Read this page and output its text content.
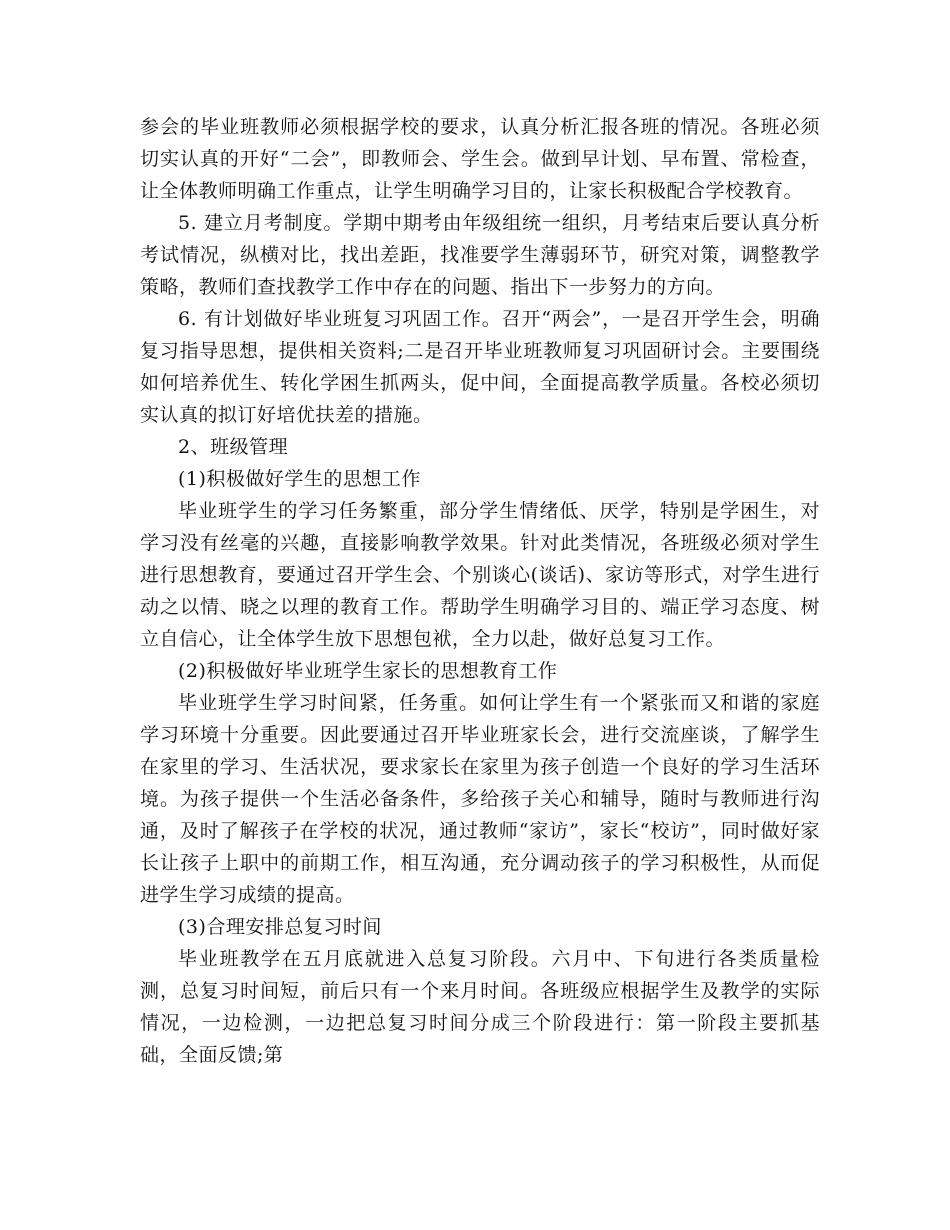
参会的毕业班教师必须根据学校的要求，认真分析汇报各班的情况。各班必须切实认真的开好“二会”，即教师会、学生会。做到早计划、早布置、常检查，让全体教师明确工作重点，让学生明确学习目的，让家长积极配合学校教育。

5. 建立月考制度。学期中期考由年级组统一组织，月考结束后要认真分析考试情况，纵横对比，找出差距，找准要学生薄弱环节，研究对策，调整教学策略，教师们查找教学工作中存在的问题、指出下一步努力的方向。

6. 有计划做好毕业班复习巩固工作。召开“两会”，一是召开学生会，明确复习指导思想，提供相关资料;二是召开毕业班教师复习巩固研讨会。主要围绕如何培养优生、转化学困生抓两头，促中间，全面提高教学质量。各校必须切实认真的拟订好培优扶差的措施。

2、班级管理

(1)积极做好学生的思想工作

毕业班学生的学习任务繁重，部分学生情绪低、厌学，特别是学困生，对学习没有丝毫的兴趣，直接影响教学效果。针对此类情况，各班级必须对学生进行思想教育，要通过召开学生会、个别谈心(谈话)、家访等形式，对学生进行动之以情、晓之以理的教育工作。帮助学生明确学习目的、端正学习态度、树立自信心，让全体学生放下思想包袱，全力以赴，做好总复习工作。

(2)积极做好毕业班学生家长的思想教育工作

毕业班学生学习时间紧，任务重。如何让学生有一个紧张而又和谐的家庭学习环境十分重要。因此要通过召开毕业班家长会，进行交流座谈，了解学生在家里的学习、生活状况，要求家长在家里为孩子创造一个良好的学习生活环境。为孩子提供一个生活必备条件，多给孩子关心和辅导，随时与教师进行沟通，及时了解孩子在学校的状况，通过教师“家访”，家长“校访”，同时做好家长让孩子上职中的前期工作，相互沟通，充分调动孩子的学习积极性，从而促进学生学习成绩的提高。

(3)合理安排总复习时间

毕业班教学在五月底就进入总复习阶段。六月中、下旬进行各类质量检测，总复习时间短，前后只有一个来月时间。各班级应根据学生及教学的实际情况，一边检测，一边把总复习时间分成三个阶段进行：第一阶段主要抓基础，全面反馈;第
